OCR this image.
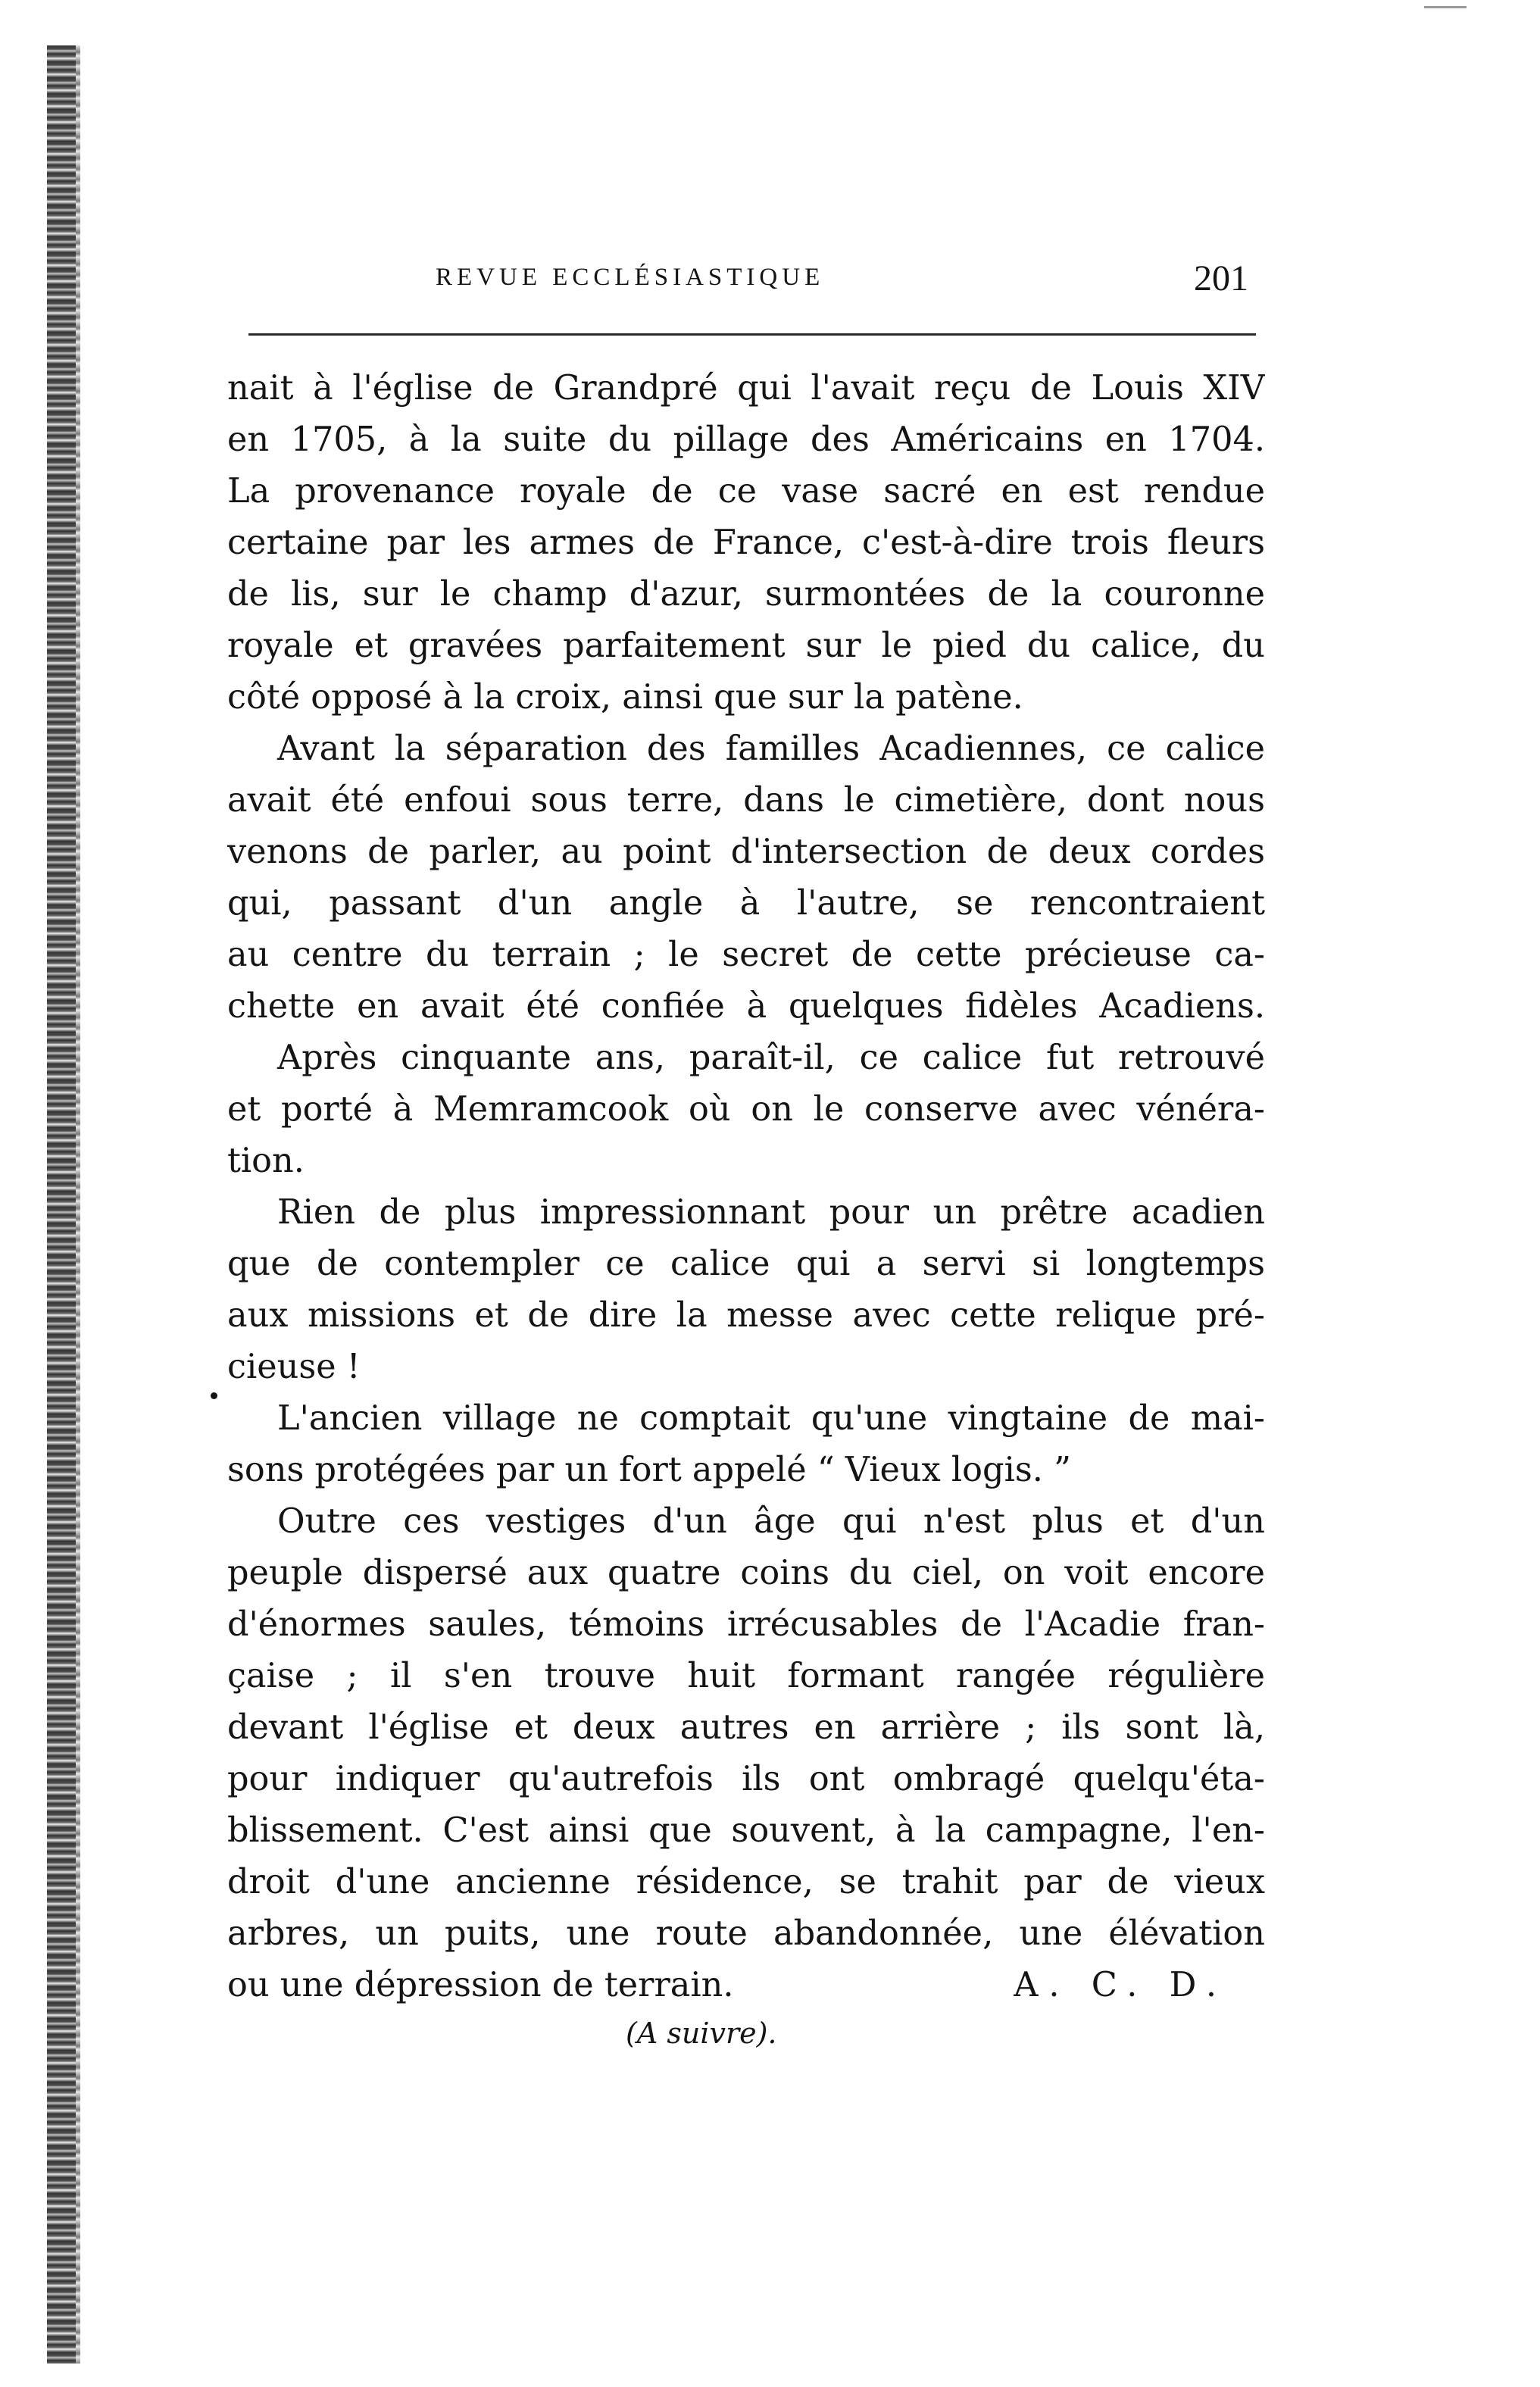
REVUE ECCLÉSIASTIQUE	201
nait à l'église de Grandpré qui l'avait reçu de Louis XIV
en 1705, à la suite du pillage des Américains en 1704.
La provenance royale de ce vase sacré en est rendue
certaine par les armes de France, c'est-à-dire trois fleurs
de lis, sur le champ d'azur, surmontées de la couronne
royale et gravées parfaitement sur le pied du calice, du
côté opposé à la croix, ainsi que sur la patène.
Avant la séparation des familles Acadiennes, ce calice
avait été enfoui sous terre, dans le cimetière, dont nous
venons de parler, au point d'intersection de deux cordes
qui, passant d'un angle à l'autre, se rencontraient
au centre du terrain ; le secret de cette précieuse ca-
chette en avait été confiée à quelques fidèles Acadiens.
Après cinquante ans, paraît-il, ce calice fut retrouvé
et porté à Memramcook où on le conserve avec vénéra-
tion.
Rien de plus impressionnant pour un prêtre acadien
que de contempler ce calice qui a servi si longtemps
aux missions et de dire la messe avec cette relique pré-
cieuse !
L'ancien village ne comptait qu'une vingtaine de mai-
sons protégées par un fort appelé “ Vieux logis. ”
Outre ces vestiges d'un âge qui n'est plus et d'un
peuple dispersé aux quatre coins du ciel, on voit encore
d'énormes saules, témoins irrécusables de l'Acadie fran-
çaise ; il s'en trouve huit formant rangée régulière
devant l'église et deux autres en arrière ; ils sont là,
pour indiquer qu'autrefois ils ont ombragé quelqu'éta-
blissement. C'est ainsi que souvent, à la campagne, l'en-
droit d'une ancienne résidence, se trahit par de vieux
arbres, un puits, une route abandonnée, une élévation
ou une dépression de terrain.	A. C. D.
(A suivre).
